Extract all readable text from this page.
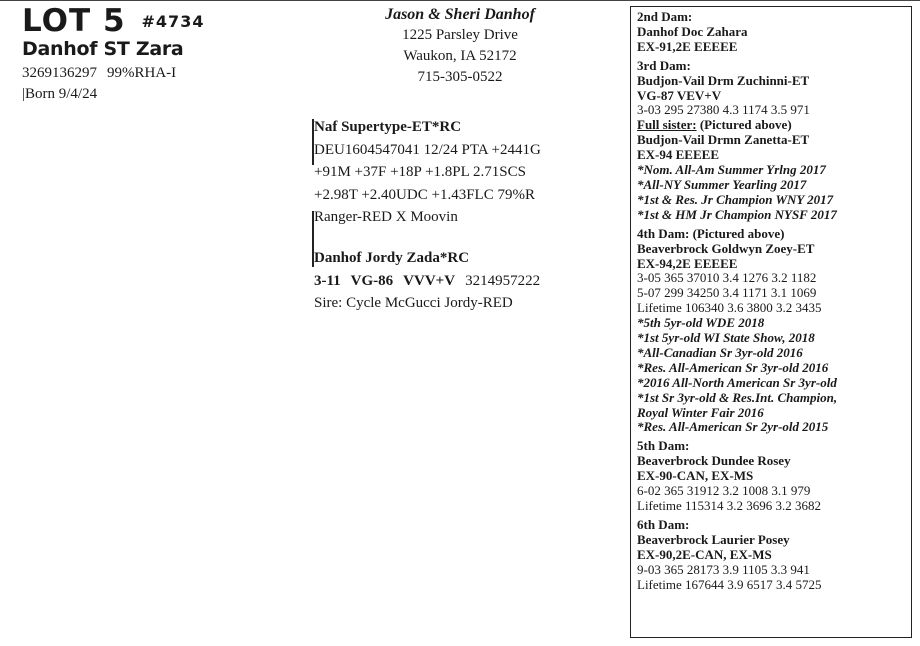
LOT 5 #4734
Danhof ST Zara
3269136297 99%RHA-I
|Born 9/4/24
Jason & Sheri Danhof
1225 Parsley Drive
Waukon, IA 52172
715-305-0522
Naf Supertype-ET*RC
DEU1604547041 12/24 PTA +2441G
+91M +37F +18P +1.8PL 2.71SCS
+2.98T +2.40UDC +1.43FLC 79%R
Ranger-RED X Moovin
Danhof Jordy Zada*RC
3-11 VG-86 VVV+V 3214957222
Sire: Cycle McGucci Jordy-RED
2nd Dam:
Danhof Doc Zahara
EX-91,2E EEEEE
3rd Dam:
Budjon-Vail Drm Zuchinni-ET
VG-87 VEV+V
3-03 295 27380 4.3 1174 3.5 971
Full sister: (Pictured above)
Budjon-Vail Drmn Zanetta-ET
EX-94 EEEEE
*Nom. All-Am Summer Yrlng 2017
*All-NY Summer Yearling 2017
*1st & Res. Jr Champion WNY 2017
*1st & HM Jr Champion NYSF 2017
4th Dam: (Pictured above)
Beaverbrock Goldwyn Zoey-ET
EX-94,2E EEEEE
3-05 365 37010 3.4 1276 3.2 1182
5-07 299 34250 3.4 1171 3.1 1069
Lifetime 106340 3.6 3800 3.2 3435
*5th 5yr-old WDE 2018
*1st 5yr-old WI State Show, 2018
*All-Canadian Sr 3yr-old 2016
*Res. All-American Sr 3yr-old 2016
*2016 All-North American Sr 3yr-old
*1st Sr 3yr-old & Res.Int. Champion,
Royal Winter Fair 2016
*Res. All-American Sr 2yr-old 2015
5th Dam:
Beaverbrock Dundee Rosey
EX-90-CAN, EX-MS
6-02 365 31912 3.2 1008 3.1 979
Lifetime 115314 3.2 3696 3.2 3682
6th Dam:
Beaverbrock Laurier Posey
EX-90,2E-CAN, EX-MS
9-03 365 28173 3.9 1105 3.3 941
Lifetime 167644 3.9 6517 3.4 5725
